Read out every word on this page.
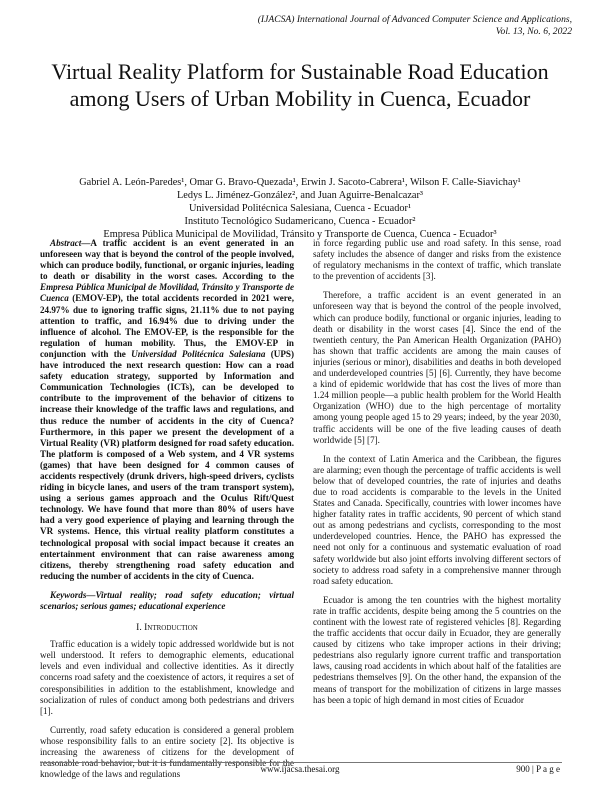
(IJACSA) International Journal of Advanced Computer Science and Applications,
Vol. 13, No. 6, 2022
Virtual Reality Platform for Sustainable Road Education among Users of Urban Mobility in Cuenca, Ecuador
Gabriel A. León-Paredes¹, Omar G. Bravo-Quezada¹, Erwin J. Sacoto-Cabrera¹, Wilson F. Calle-Siavichay¹
Ledys L. Jiménez-González², and Juan Aguirre-Benalcazar³
Universidad Politécnica Salesiana, Cuenca - Ecuador¹
Instituto Tecnológico Sudamericano, Cuenca - Ecuador²
Empresa Pública Municipal de Movilidad, Tránsito y Transporte de Cuenca, Cuenca - Ecuador³

Abstract—A traffic accident is an event generated in an unforeseen way that is beyond the control of the people involved, which can produce bodily, functional, or organic injuries, leading to death or disability in the worst cases. According to the Empresa Pública Municipal de Movilidad, Tránsito y Transporte de Cuenca (EMOV-EP), the total accidents recorded in 2021 were, 24.97% due to ignoring traffic signs, 21.11% due to not paying attention to traffic, and 16.94% due to driving under the influence of alcohol. The EMOV-EP, is the responsible for the regulation of human mobility. Thus, the EMOV-EP in conjunction with the Universidad Politécnica Salesiana (UPS) have introduced the next research question: How can a road safety education strategy, supported by Information and Communication Technologies (ICTs), can be developed to contribute to the improvement of the behavior of citizens to increase their knowledge of the traffic laws and regulations, and thus reduce the number of accidents in the city of Cuenca? Furthermore, in this paper we present the development of a Virtual Reality (VR) platform designed for road safety education. The platform is composed of a Web system, and 4 VR systems (games) that have been designed for 4 common causes of accidents respectively (drunk drivers, high-speed drivers, cyclists riding in bicycle lanes, and users of the tram transport system), using a serious games approach and the Oculus Rift/Quest technology. We have found that more than 80% of users have had a very good experience of playing and learning through the VR systems. Hence, this virtual reality platform constitutes a technological proposal with social impact because it creates an entertainment environment that can raise awareness among citizens, thereby strengthening road safety education and reducing the number of accidents in the city of Cuenca.

Keywords—Virtual reality; road safety education; virtual scenarios; serious games; educational experience

I. Introduction

Traffic education is a widely topic addressed worldwide but is not well understood. It refers to demographic elements, educational levels and even individual and collective identities. As it directly concerns road safety and the coexistence of actors, it requires a set of coresponsibilities in addition to the establishment, knowledge and socialization of rules of conduct among both pedestrians and drivers [1].

Currently, road safety education is considered a general problem whose responsibility falls to an entire society [2]. Its objective is increasing the awareness of citizens for the development of reasonable road behavior, but it is fundamentally responsible for the knowledge of the laws and regulations

in force regarding public use and road safety. In this sense, road safety includes the absence of danger and risks from the existence of regulatory mechanisms in the context of traffic, which translate to the prevention of accidents [3].

Therefore, a traffic accident is an event generated in an unforeseen way that is beyond the control of the people involved, which can produce bodily, functional or organic injuries, leading to death or disability in the worst cases [4]. Since the end of the twentieth century, the Pan American Health Organization (PAHO) has shown that traffic accidents are among the main causes of injuries (serious or minor), disabilities and deaths in both developed and underdeveloped countries [5] [6]. Currently, they have become a kind of epidemic worldwide that has cost the lives of more than 1.24 million people—a public health problem for the World Health Organization (WHO) due to the high percentage of mortality among young people aged 15 to 29 years; indeed, by the year 2030, traffic accidents will be one of the five leading causes of death worldwide [5] [7].

In the context of Latin America and the Caribbean, the figures are alarming; even though the percentage of traffic accidents is well below that of developed countries, the rate of injuries and deaths due to road accidents is comparable to the levels in the United States and Canada. Specifically, countries with lower incomes have higher fatality rates in traffic accidents, 90 percent of which stand out as among pedestrians and cyclists, corresponding to the most underdeveloped countries. Hence, the PAHO has expressed the need not only for a continuous and systematic evaluation of road safety worldwide but also joint efforts involving different sectors of society to address road safety in a comprehensive manner through road safety education.

Ecuador is among the ten countries with the highest mortality rate in traffic accidents, despite being among the 5 countries on the continent with the lowest rate of registered vehicles [8]. Regarding the traffic accidents that occur daily in Ecuador, they are generally caused by citizens who take improper actions in their driving; pedestrians also regularly ignore current traffic and transportation laws, causing road accidents in which about half of the fatalities are pedestrians themselves [9]. On the other hand, the expansion of the means of transport for the mobilization of citizens in large masses has been a topic of high demand in most cities of Ecuador

www.ijacsa.thesai.org	900 | P a g e
